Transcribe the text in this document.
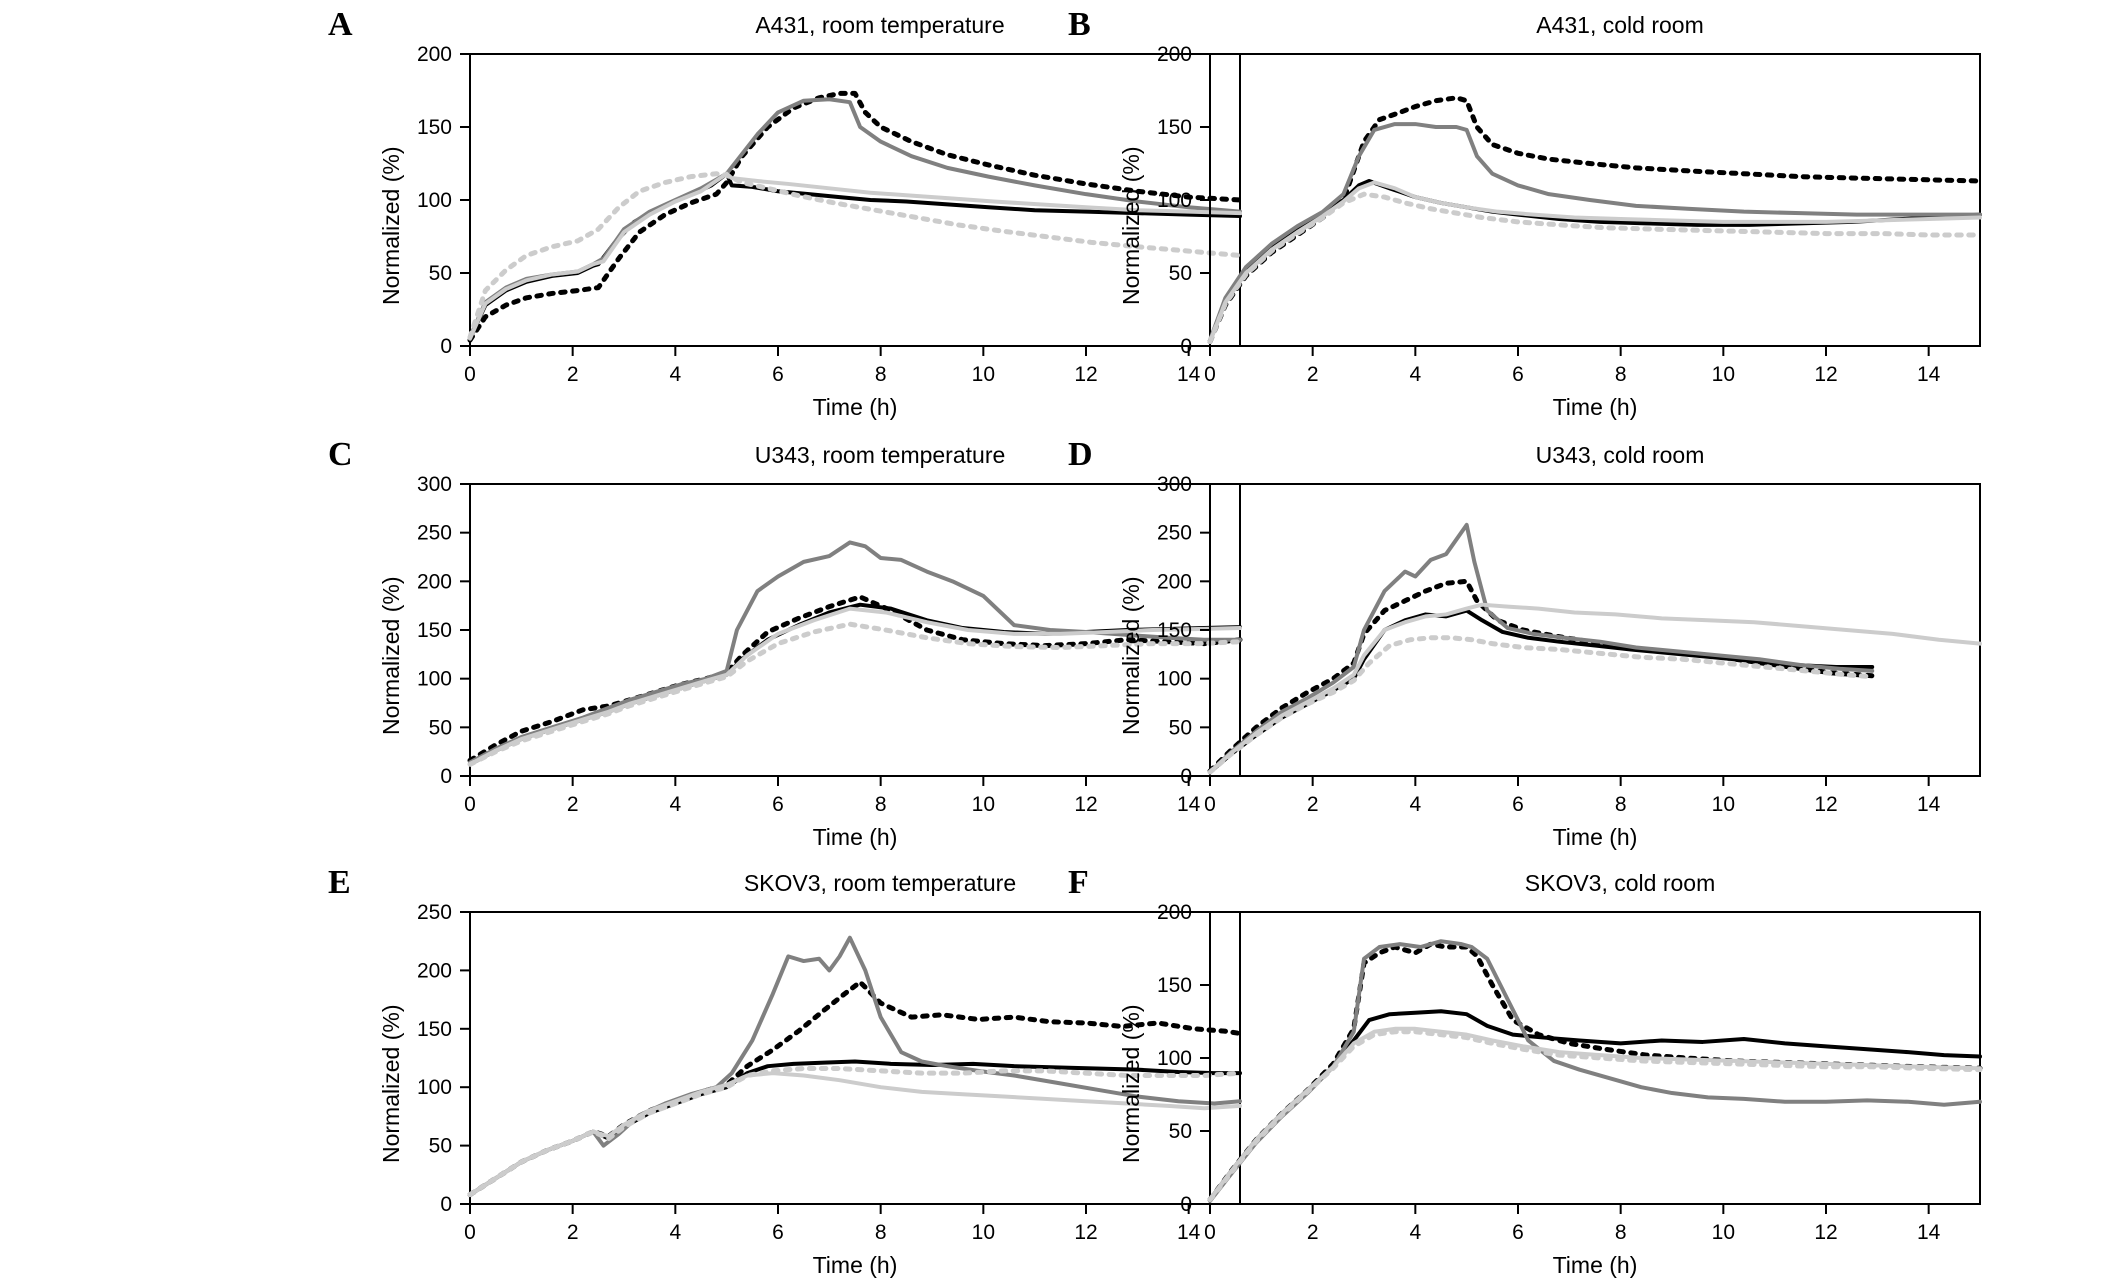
A	A431, room temperature
0
50
100
150
200
0	2	4	6	8	10	12	14
Normalized (%)
Time (h)
B	A431, cold room
0
50
100
150
200
0	2	4	6	8	10	12	14
Normalized (%)
Time (h)
C	U343, room temperature
0
50
100
150
200
250
300
0	2	4	6	8	10	12	14
Normalized (%)
Time (h)
D	U343, cold room
0
50
100
150
200
250
300
0	2	4	6	8	10	12	14
Normalized (%)
Time (h)
E	SKOV3, room temperature
0
50
100
150
200
250
0	2	4	6	8	10	12	14
Normalized (%)
Time (h)
F	SKOV3, cold room
0
50
100
150
200
0	2	4	6	8	10	12	14
Normalized (%)
Time (h)
